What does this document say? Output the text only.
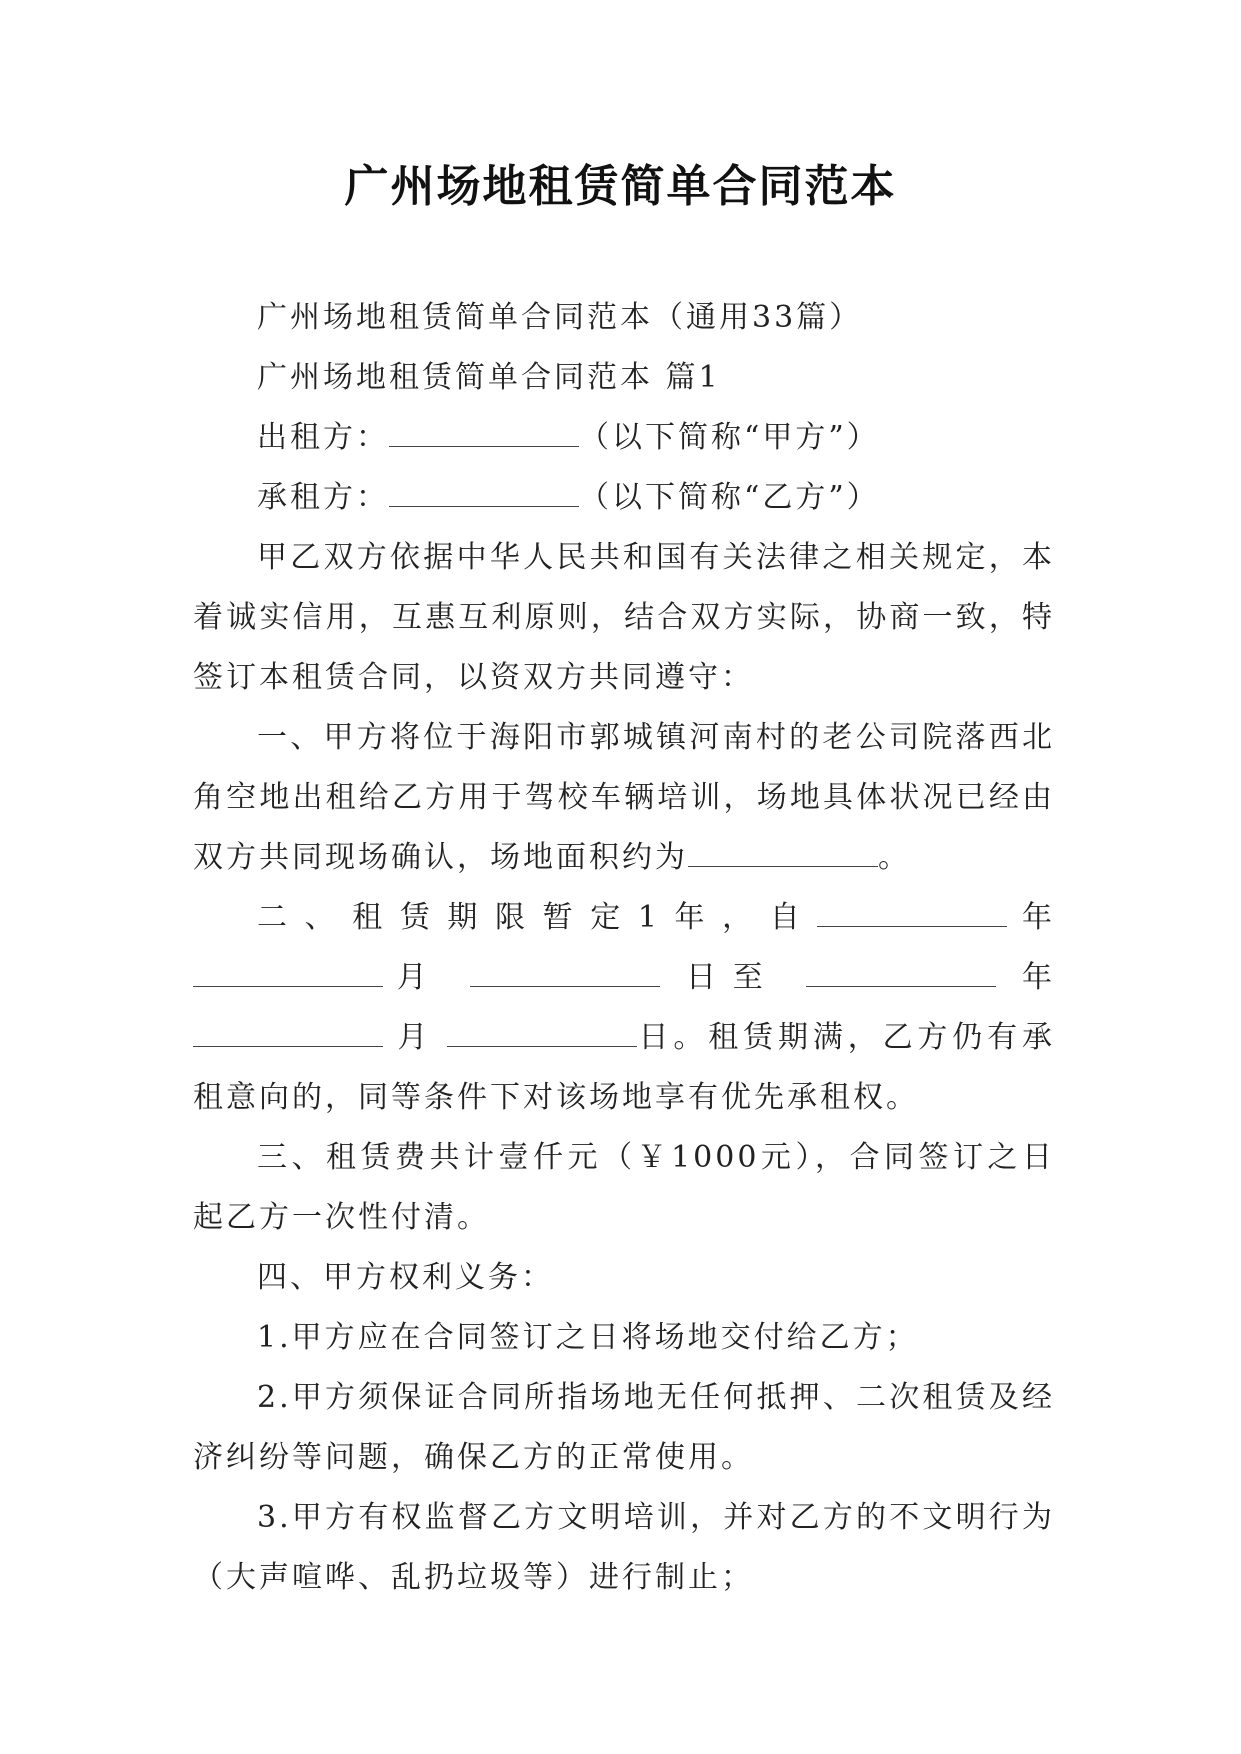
广州场地租赁简单合同范本

广州场地租赁简单合同范本（通用33篇）

广州场地租赁简单合同范本 篇1

出租方：	（以下简称“甲方”）

承租方：	（以下简称“乙方”）

甲乙双方依据中华人民共和国有关法律之相关规定，本着诚实信用，互惠互利原则，结合双方实际，协商一致，特签订本租赁合同，以资双方共同遵守：

一、甲方将位于海阳市郭城镇河南村的老公司院落西北角空地出租给乙方用于驾校车辆培训，场地具体状况已经由双方共同现场确认，场地面积约为	。

二、租赁期限暂定1年，自	年月	日至	年  月	日。租赁期满，乙方仍有承租意向的，同等条件下对该场地享有优先承租权。

三、租赁费共计壹仟元（￥1000元），合同签订之日起乙方一次性付清。

四、甲方权利义务：

1.甲方应在合同签订之日将场地交付给乙方；

2.甲方须保证合同所指场地无任何抵押、二次租赁及经济纠纷等问题，确保乙方的正常使用。

3.甲方有权监督乙方文明培训，并对乙方的不文明行为（大声喧哗、乱扔垃圾等）进行制止；
